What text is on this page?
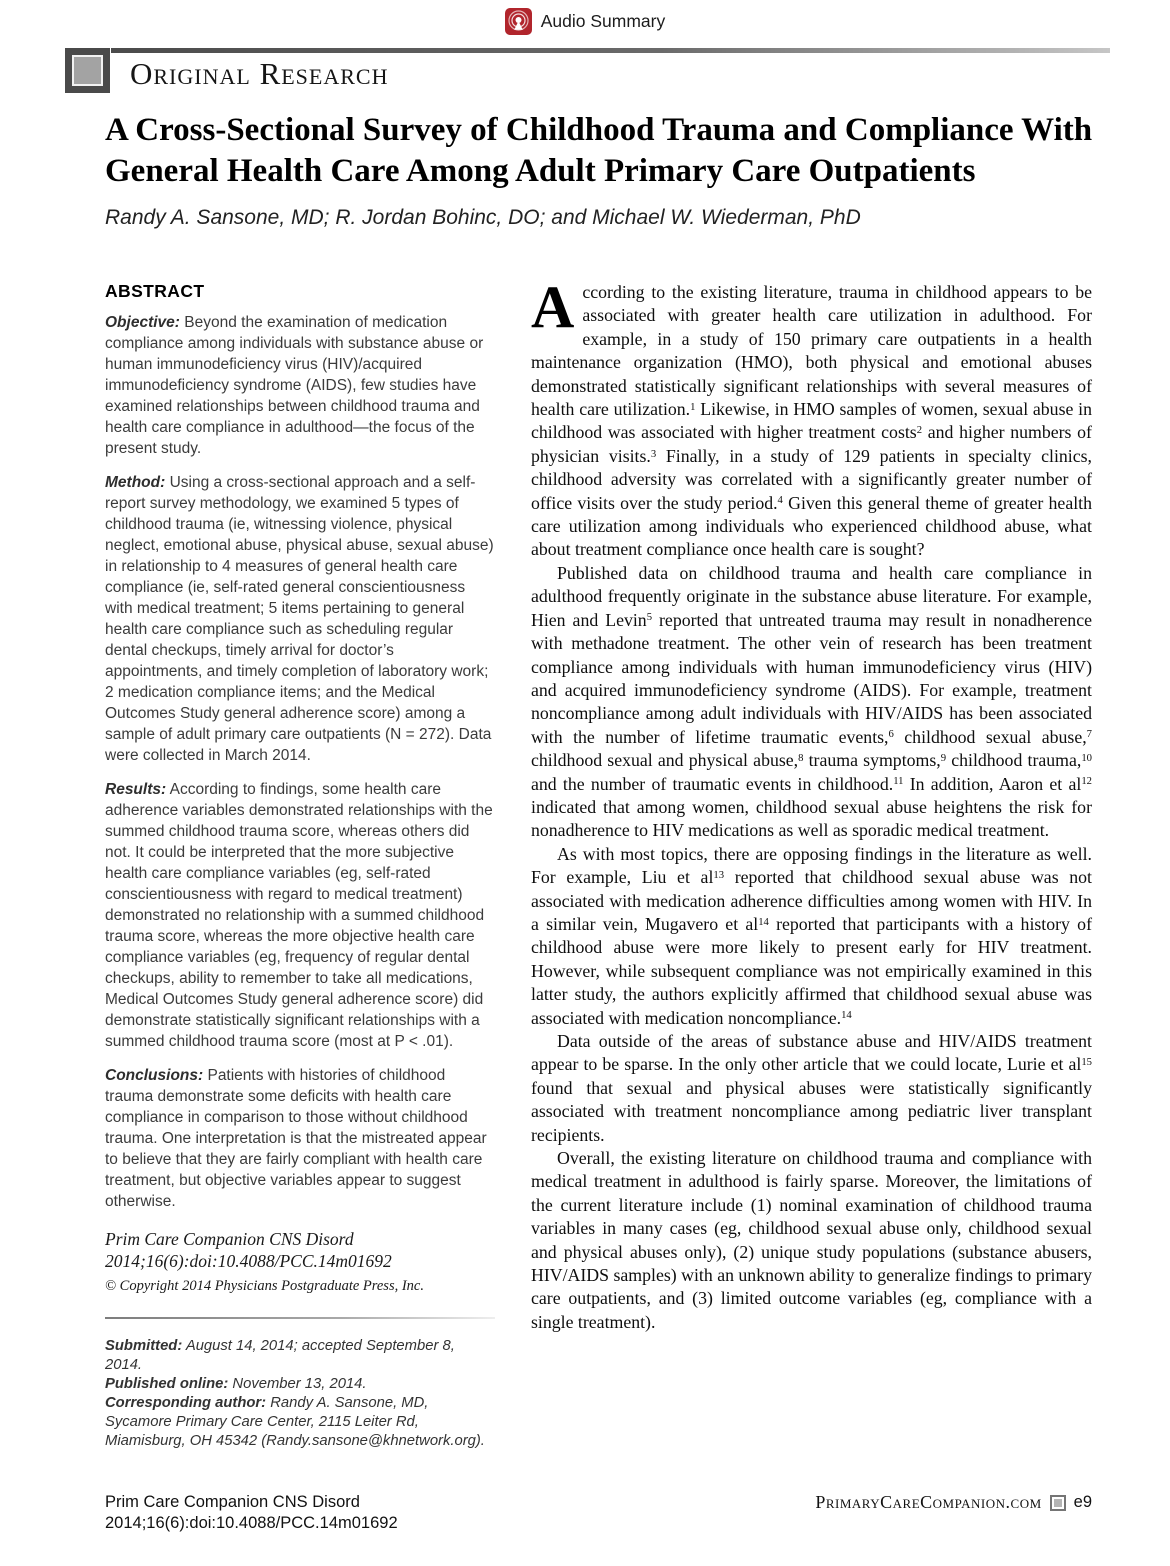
Audio Summary
Original Research
A Cross-Sectional Survey of Childhood Trauma and Compliance With General Health Care Among Adult Primary Care Outpatients
Randy A. Sansone, MD; R. Jordan Bohinc, DO; and Michael W. Wiederman, PhD

ABSTRACT

Objective: Beyond the examination of medication compliance among individuals with substance abuse or human immunodeficiency virus (HIV)/acquired immunodeficiency syndrome (AIDS), few studies have examined relationships between childhood trauma and health care compliance in adulthood—the focus of the present study.

Method: Using a cross-sectional approach and a self-report survey methodology, we examined 5 types of childhood trauma (ie, witnessing violence, physical neglect, emotional abuse, physical abuse, sexual abuse) in relationship to 4 measures of general health care compliance (ie, self-rated general conscientiousness with medical treatment; 5 items pertaining to general health care compliance such as scheduling regular dental checkups, timely arrival for doctor’s appointments, and timely completion of laboratory work; 2 medication compliance items; and the Medical Outcomes Study general adherence score) among a sample of adult primary care outpatients (N = 272). Data were collected in March 2014.

Results: According to findings, some health care adherence variables demonstrated relationships with the summed childhood trauma score, whereas others did not. It could be interpreted that the more subjective health care compliance variables (eg, self-rated conscientiousness with regard to medical treatment) demonstrated no relationship with a summed childhood trauma score, whereas the more objective health care compliance variables (eg, frequency of regular dental checkups, ability to remember to take all medications, Medical Outcomes Study general adherence score) did demonstrate statistically significant relationships with a summed childhood trauma score (most at P < .01).

Conclusions: Patients with histories of childhood trauma demonstrate some deficits with health care compliance in comparison to those without childhood trauma. One interpretation is that the mistreated appear to believe that they are fairly compliant with health care treatment, but objective variables appear to suggest otherwise.

Prim Care Companion CNS Disord
2014;16(6):doi:10.4088/PCC.14m01692

© Copyright 2014 Physicians Postgraduate Press, Inc.

Submitted: August 14, 2014; accepted September 8, 2014.

Published online: November 13, 2014.

Corresponding author: Randy A. Sansone, MD, Sycamore Primary Care Center, 2115 Leiter Rd, Miamisburg, OH 45342 (Randy.sansone@khnetwork.org).

According to the existing literature, trauma in childhood appears to be associated with greater health care utilization in adulthood. For example, in a study of 150 primary care outpatients in a health maintenance organization (HMO), both physical and emotional abuses demonstrated statistically significant relationships with several measures of health care utilization.$^1$ Likewise, in HMO samples of women, sexual abuse in childhood was associated with higher treatment costs$^2$ and higher numbers of physician visits.$^3$ Finally, in a study of 129 patients in specialty clinics, childhood adversity was correlated with a significantly greater number of office visits over the study period.$^4$ Given this general theme of greater health care utilization among individuals who experienced childhood abuse, what about treatment compliance once health care is sought?

Published data on childhood trauma and health care compliance in adulthood frequently originate in the substance abuse literature. For example, Hien and Levin$^5$ reported that untreated trauma may result in nonadherence with methadone treatment. The other vein of research has been treatment compliance among individuals with human immunodeficiency virus (HIV) and acquired immunodeficiency syndrome (AIDS). For example, treatment noncompliance among adult individuals with HIV/AIDS has been associated with the number of lifetime traumatic events,$^6$ childhood sexual abuse,$^7$ childhood sexual and physical abuse,$^8$ trauma symptoms,$^9$ childhood trauma,$^{10}$ and the number of traumatic events in childhood.$^{11}$ In addition, Aaron et $al^{12}$ indicated that among women, childhood sexual abuse heightens the risk for nonadherence to HIV medications as well as sporadic medical treatment.

As with most topics, there are opposing findings in the literature as well. For example, Liu et $al^{13}$ reported that childhood sexual abuse was not associated with medication adherence difficulties among women with HIV. In a similar vein, Mugavero et $al^{14}$ reported that participants with a history of childhood abuse were more likely to present early for HIV treatment. However, while subsequent compliance was not empirically examined in this latter study, the authors explicitly affirmed that childhood sexual abuse was associated with medication noncompliance.$^{14}$

Data outside of the areas of substance abuse and HIV/AIDS treatment appear to be sparse. In the only other article that we could locate, Lurie et $al^{15}$ found that sexual and physical abuses were statistically significantly associated with treatment noncompliance among pediatric liver transplant recipients.

Overall, the existing literature on childhood trauma and compliance with medical treatment in adulthood is fairly sparse. Moreover, the limitations of the current literature include (1) nominal examination of childhood trauma variables in many cases (eg, childhood sexual abuse only, childhood sexual and physical abuses only), (2) unique study populations (substance abusers, HIV/AIDS samples) with an unknown ability to generalize findings to primary care outpatients, and (3) limited outcome variables (eg, compliance with a single treatment).

Prim Care Companion CNS Disord
2014;16(6):doi:10.4088/PCC.14m01692
PrimaryCareCompanion.com e9
